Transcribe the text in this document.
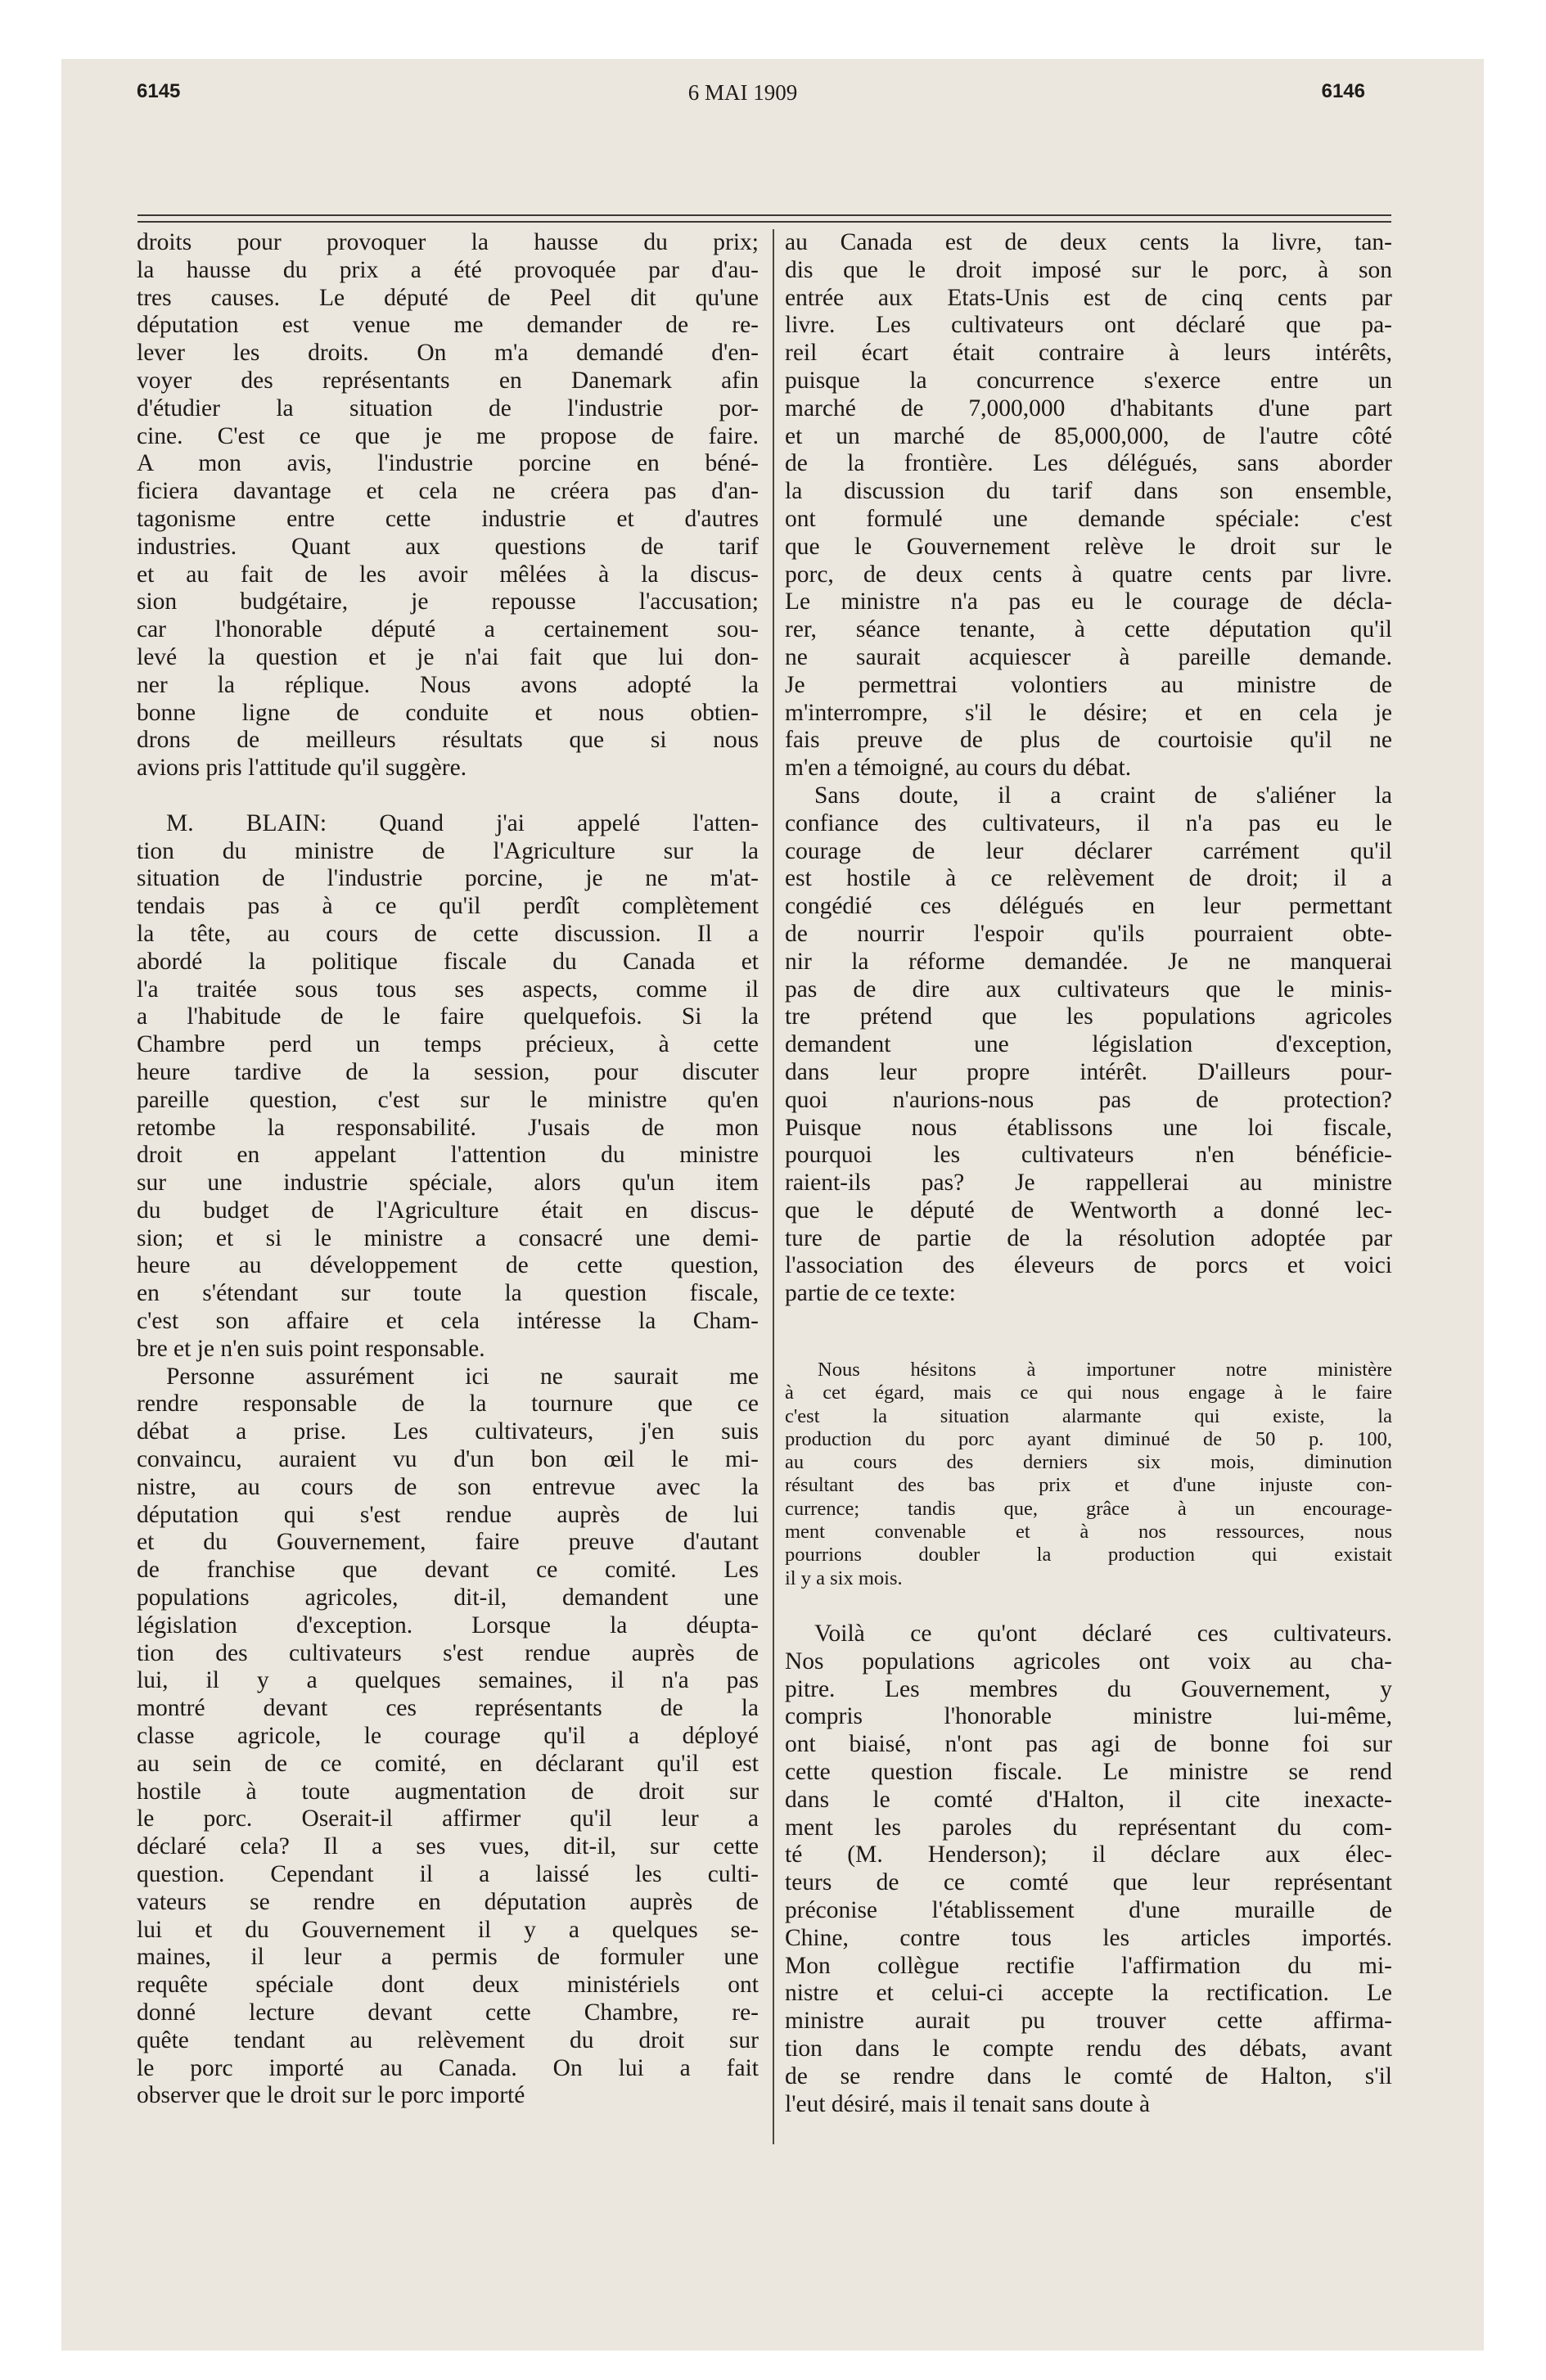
6145	6 MAI 1909	6146
droits pour provoquer la hausse du prix;
la hausse du prix a été provoquée par d'au-
tres causes. Le député de Peel dit qu'une
députation est venue me demander de re-
lever les droits. On m'a demandé d'en-
voyer des représentants en Danemark afin
d'étudier la situation de l'industrie por-
cine. C'est ce que je me propose de faire.
A mon avis, l'industrie porcine en béné-
ficiera davantage et cela ne créera pas d'an-
tagonisme entre cette industrie et d'autres
industries. Quant aux questions de tarif
et au fait de les avoir mêlées à la discus-
sion budgétaire, je repousse l'accusation;
car l'honorable député a certainement sou-
levé la question et je n'ai fait que lui don-
ner la réplique. Nous avons adopté la
bonne ligne de conduite et nous obtien-
drons de meilleurs résultats que si nous
avions pris l'attitude qu'il suggère.

M. BLAIN: Quand j'ai appelé l'atten-
tion du ministre de l'Agriculture sur la
situation de l'industrie porcine, je ne m'at-
tendais pas à ce qu'il perdît complètement
la tête, au cours de cette discussion. Il a
abordé la politique fiscale du Canada et
l'a traitée sous tous ses aspects, comme il
a l'habitude de le faire quelquefois. Si la
Chambre perd un temps précieux, à cette
heure tardive de la session, pour discuter
pareille question, c'est sur le ministre qu'en
retombe la responsabilité. J'usais de mon
droit en appelant l'attention du ministre
sur une industrie spéciale, alors qu'un item
du budget de l'Agriculture était en discus-
sion; et si le ministre a consacré une demi-
heure au développement de cette question,
en s'étendant sur toute la question fiscale,
c'est son affaire et cela intéresse la Cham-
bre et je n'en suis point responsable.
Personne assurément ici ne saurait me
rendre responsable de la tournure que ce
débat a prise. Les cultivateurs, j'en suis
convaincu, auraient vu d'un bon œil le mi-
nistre, au cours de son entrevue avec la
députation qui s'est rendue auprès de lui
et du Gouvernement, faire preuve d'autant
de franchise que devant ce comité. Les
populations agricoles, dit-il, demandent une
législation d'exception. Lorsque la déupta-
tion des cultivateurs s'est rendue auprès de
lui, il y a quelques semaines, il n'a pas
montré devant ces représentants de la
classe agricole, le courage qu'il a déployé
au sein de ce comité, en déclarant qu'il est
hostile à toute augmentation de droit sur
le porc. Oserait-il affirmer qu'il leur a
déclaré cela? Il a ses vues, dit-il, sur cette
question. Cependant il a laissé les culti-
vateurs se rendre en députation auprès de
lui et du Gouvernement il y a quelques se-
maines, il leur a permis de formuler une
requête spéciale dont deux ministériels ont
donné lecture devant cette Chambre, re-
quête tendant au relèvement du droit sur
le porc importé au Canada. On lui a fait
observer que le droit sur le porc importé
au Canada est de deux cents la livre, tan-
dis que le droit imposé sur le porc, à son
entrée aux Etats-Unis est de cinq cents par
livre. Les cultivateurs ont déclaré que pa-
reil écart était contraire à leurs intérêts,
puisque la concurrence s'exerce entre un
marché de 7,000,000 d'habitants d'une part
et un marché de 85,000,000, de l'autre côté
de la frontière. Les délégués, sans aborder
la discussion du tarif dans son ensemble,
ont formulé une demande spéciale: c'est
que le Gouvernement relève le droit sur le
porc, de deux cents à quatre cents par livre.
Le ministre n'a pas eu le courage de décla-
rer, séance tenante, à cette députation qu'il
ne saurait acquiescer à pareille demande.
Je permettrai volontiers au ministre de
m'interrompre, s'il le désire; et en cela je
fais preuve de plus de courtoisie qu'il ne
m'en a témoigné, au cours du débat.
Sans doute, il a craint de s'aliéner la
confiance des cultivateurs, il n'a pas eu le
courage de leur déclarer carrément qu'il
est hostile à ce relèvement de droit; il a
congédié ces délégués en leur permettant
de nourrir l'espoir qu'ils pourraient obte-
nir la réforme demandée. Je ne manquerai
pas de dire aux cultivateurs que le minis-
tre prétend que les populations agricoles
demandent une législation d'exception,
dans leur propre intérêt. D'ailleurs pour-
quoi n'aurions-nous pas de protection?
Puisque nous établissons une loi fiscale,
pourquoi les cultivateurs n'en bénéficie-
raient-ils pas? Je rappellerai au ministre
que le député de Wentworth a donné lec-
ture de partie de la résolution adoptée par
l'association des éleveurs de porcs et voici
partie de ce texte:
Nous hésitons à importuner notre ministère
à cet égard, mais ce qui nous engage à le faire
c'est la situation alarmante qui existe, la
production du porc ayant diminué de 50 p. 100,
au cours des derniers six mois, diminution
résultant des bas prix et d'une injuste con-
currence; tandis que, grâce à un encourage-
ment convenable et à nos ressources, nous
pourrions doubler la production qui existait
il y a six mois.
Voilà ce qu'ont déclaré ces cultivateurs.
Nos populations agricoles ont voix au cha-
pitre. Les membres du Gouvernement, y
compris l'honorable ministre lui-même,
ont biaisé, n'ont pas agi de bonne foi sur
cette question fiscale. Le ministre se rend
dans le comté d'Halton, il cite inexacte-
ment les paroles du représentant du com-
té (M. Henderson); il déclare aux élec-
teurs de ce comté que leur représentant
préconise l'établissement d'une muraille de
Chine, contre tous les articles importés.
Mon collègue rectifie l'affirmation du mi-
nistre et celui-ci accepte la rectification. Le
ministre aurait pu trouver cette affirma-
tion dans le compte rendu des débats, avant
de se rendre dans le comté de Halton, s'il
l'eut désiré, mais il tenait sans doute à
